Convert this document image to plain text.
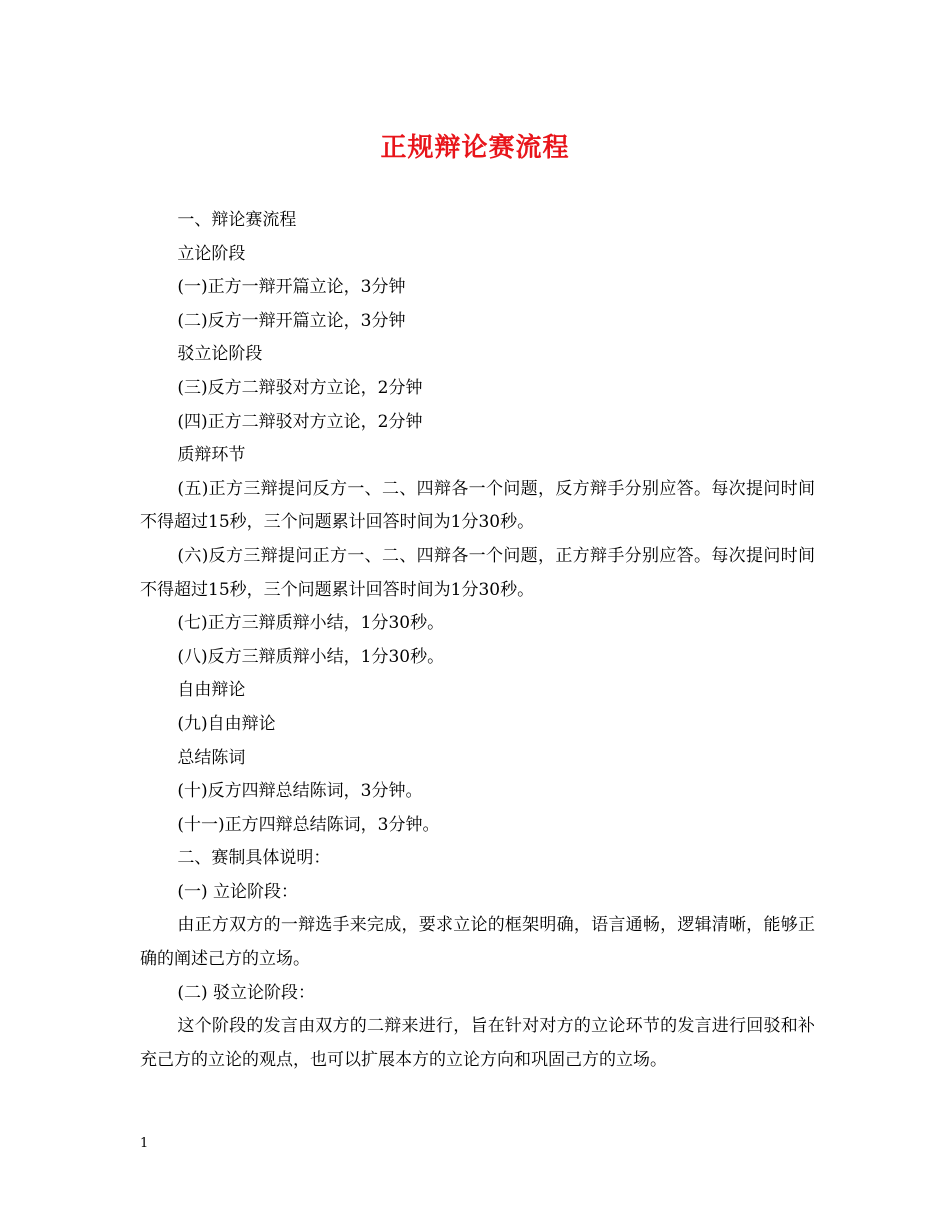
正规辩论赛流程

一、辩论赛流程

立论阶段

(一)正方一辩开篇立论，3分钟

(二)反方一辩开篇立论，3分钟

驳立论阶段

(三)反方二辩驳对方立论，2分钟

(四)正方二辩驳对方立论，2分钟

质辩环节

(五)正方三辩提问反方一、二、四辩各一个问题，反方辩手分别应答。每次提问时间不得超过15秒，三个问题累计回答时间为1分30秒。

(六)反方三辩提问正方一、二、四辩各一个问题，正方辩手分别应答。每次提问时间不得超过15秒，三个问题累计回答时间为1分30秒。

(七)正方三辩质辩小结，1分30秒。

(八)反方三辩质辩小结，1分30秒。

自由辩论

(九)自由辩论

总结陈词

(十)反方四辩总结陈词，3分钟。

(十一)正方四辩总结陈词，3分钟。

二、赛制具体说明：

(一) 立论阶段：

由正方双方的一辩选手来完成，要求立论的框架明确，语言通畅，逻辑清晰，能够正确的阐述己方的立场。

(二) 驳立论阶段：

这个阶段的发言由双方的二辩来进行，旨在针对对方的立论环节的发言进行回驳和补充己方的立论的观点，也可以扩展本方的立论方向和巩固己方的立场。

1
